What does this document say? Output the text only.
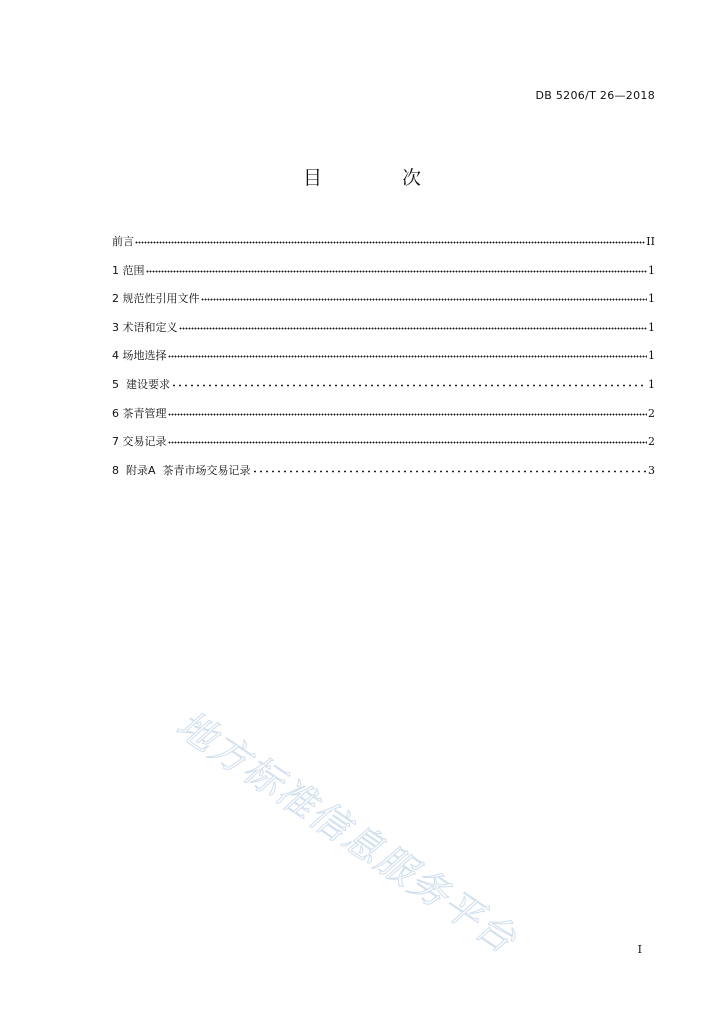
DB 5206/T 26—2018
目 次
前言	II
1 范围	1
2 规范性引用文件	1
3 术语和定义	1
4 场地选择	1
5  建设要求	1
6 茶青管理	2
7 交易记录	2
8  附录A  茶青市场交易记录	3
地方标准信息服务平台	I
